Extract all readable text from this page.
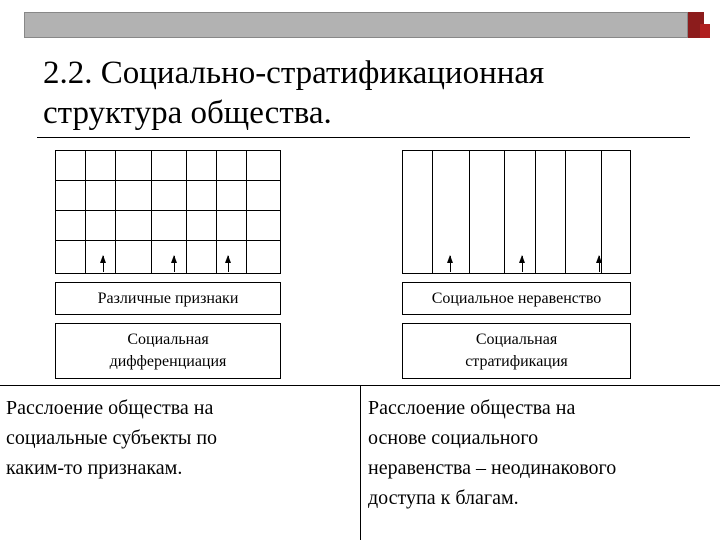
2.2. Социально-стратификационная
структура общества.
Различные признаки	Социальное неравенство
Социальная
дифференциация
Социальная
стратификация
Расслоение общества на
социальные субъекты по
каким-то признакам.
Расслоение общества на
основе социального
неравенства – неодинакового
доступа к благам.
